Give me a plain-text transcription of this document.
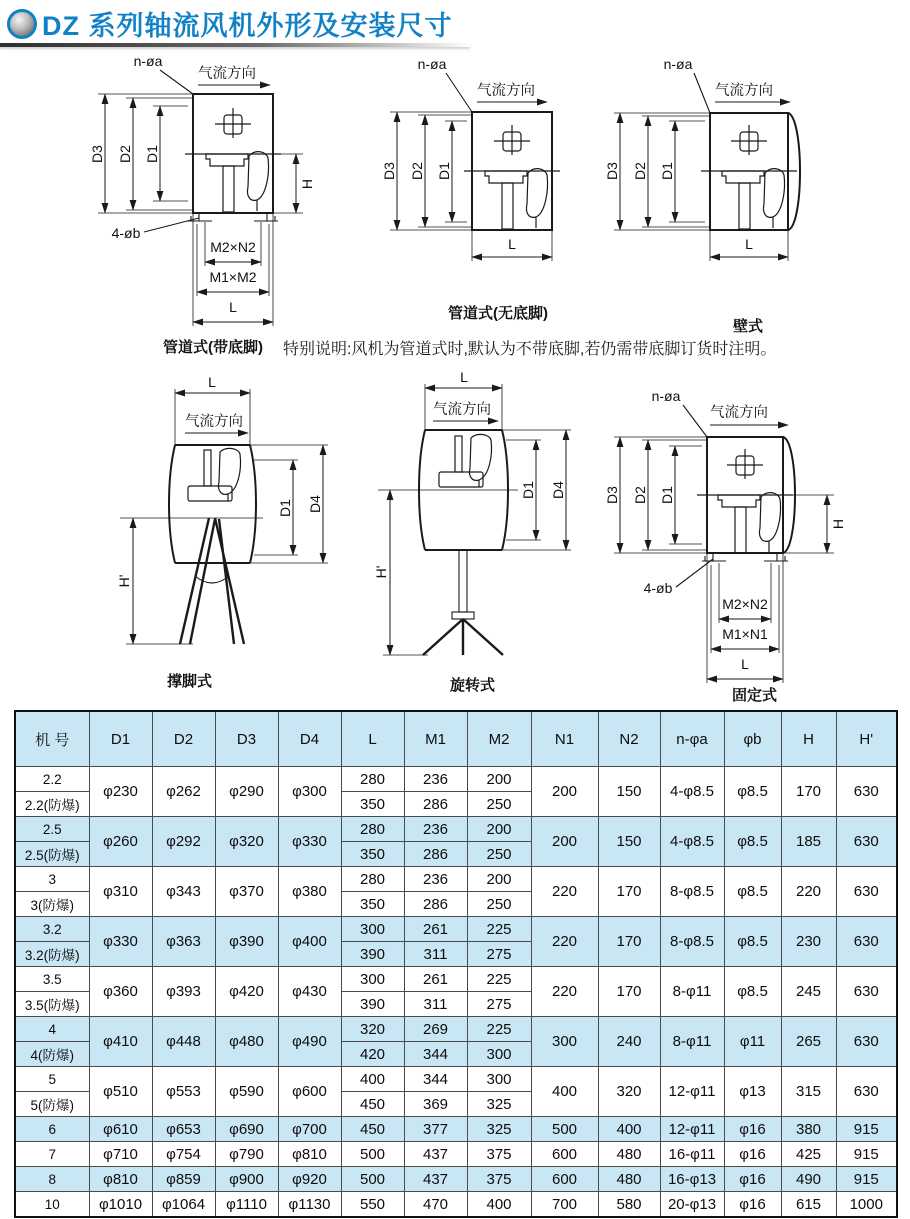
DZ 系列轴流风机外形及安装尺寸
D3 D2 D1
n-øa
气流方向
H
4-øb
M2×N2
M1×M2
L
管道式(带底脚)
D3 D2 D1
n-øa
气流方向
L
管道式(无底脚)
D3 D2 D1
n-øa
气流方向
L
壁式
L
气流方向
H'
D1 D4
撑脚式
L
气流方向
H'
D1 D4
旋转式
n-øa
气流方向
D3 D2 D1
H
4-øb
M2×N2
M1×N1
L
固定式
特别说明:风机为管道式时,默认为不带底脚,若仍需带底脚订货时注明。
机 号	D1	D2	D3	D4	L	M1	M2	N1	N2	n-φa	φb	H	H'
2.2	φ230	φ262	φ290	φ300	280	236	200	200	150	4-φ8.5	φ8.5	170	630
2.2(防爆)					350	286	250						
2.5	φ260	φ292	φ320	φ330	280	236	200	200	150	4-φ8.5	φ8.5	185	630
2.5(防爆)					350	286	250						
3	φ310	φ343	φ370	φ380	280	236	200	220	170	8-φ8.5	φ8.5	220	630
3(防爆)					350	286	250						
3.2	φ330	φ363	φ390	φ400	300	261	225	220	170	8-φ8.5	φ8.5	230	630
3.2(防爆)					390	311	275						
3.5	φ360	φ393	φ420	φ430	300	261	225	220	170	8-φ11	φ8.5	245	630
3.5(防爆)					390	311	275						
4	φ410	φ448	φ480	φ490	320	269	225	300	240	8-φ11	φ11	265	630
4(防爆)					420	344	300						
5	φ510	φ553	φ590	φ600	400	344	300	400	320	12-φ11	φ13	315	630
5(防爆)					450	369	325						
6	φ610	φ653	φ690	φ700	450	377	325	500	400	12-φ11	φ16	380	915
7	φ710	φ754	φ790	φ810	500	437	375	600	480	16-φ11	φ16	425	915
8	φ810	φ859	φ900	φ920	500	437	375	600	480	16-φ13	φ16	490	915
10	φ1010	φ1064	φ1110	φ1130	550	470	400	700	580	20-φ13	φ16	615	1000
